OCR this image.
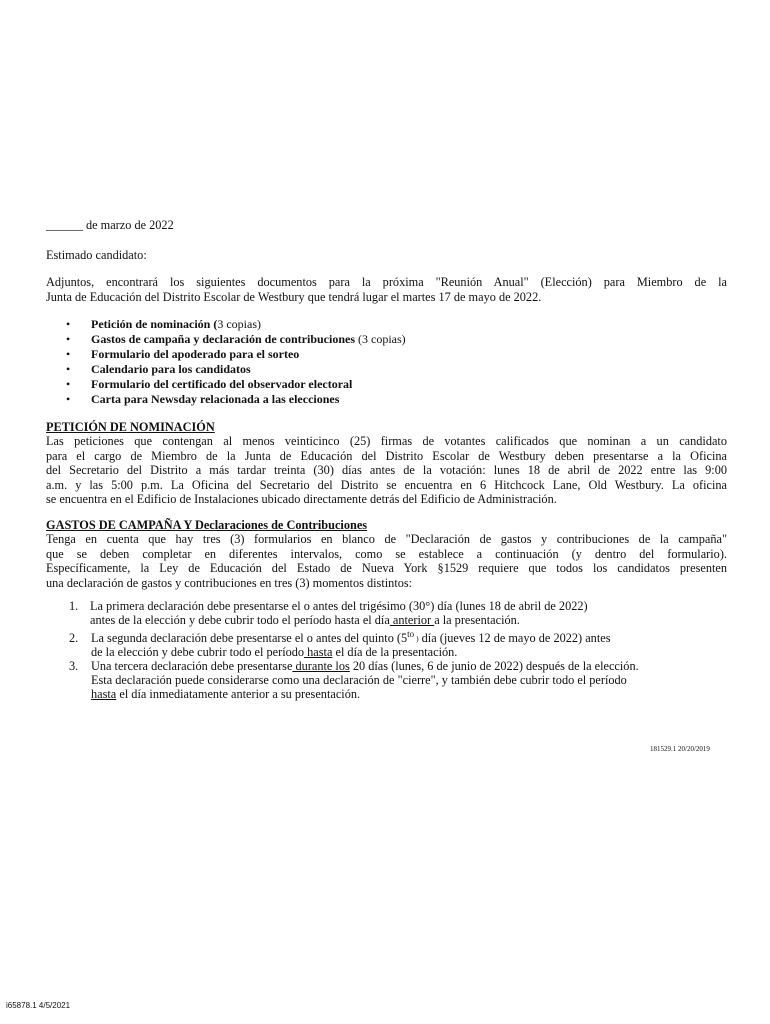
______ de marzo de 2022
Estimado candidato:
Adjuntos, encontrará los siguientes documentos para la próxima "Reunión Anual" (Elección) para Miembro de la
Junta de Educación del Distrito Escolar de Westbury que tendrá lugar el martes 17 de mayo de 2022.
• Petición de nominación (3 copias)
• Gastos de campaña y declaración de contribuciones (3 copias)
• Formulario del apoderado para el sorteo
• Calendario para los candidatos
• Formulario del certificado del observador electoral
• Carta para Newsday relacionada a las elecciones
PETICIÓN DE NOMINACIÓN
Las peticiones que contengan al menos veinticinco (25) firmas de votantes calificados que nominan a un candidato
para el cargo de Miembro de la Junta de Educación del Distrito Escolar de Westbury deben presentarse a la Oficina
del Secretario del Distrito a más tardar treinta (30) días antes de la votación: lunes 18 de abril de 2022 entre las 9:00
a.m. y las 5:00 p.m. La Oficina del Secretario del Distrito se encuentra en 6 Hitchcock Lane, Old Westbury. La oficina
se encuentra en el Edificio de Instalaciones ubicado directamente detrás del Edificio de Administración.
GASTOS DE CAMPAÑA Y Declaraciones de Contribuciones
Tenga en cuenta que hay tres (3) formularios en blanco de "Declaración de gastos y contribuciones de la campaña"
que se deben completar en diferentes intervalos, como se establece a continuación (y dentro del formulario).
Específicamente, la Ley de Educación del Estado de Nueva York §1529 requiere que todos los candidatos presenten
una declaración de gastos y contribuciones en tres (3) momentos distintos:
1. La primera declaración debe presentarse el o antes del trigésimo (30°) día (lunes 18 de abril de 2022)
antes de la elección y debe cubrir todo el período hasta el día anterior a la presentación.
2. La segunda declaración debe presentarse el o antes del quinto ($5^{to}$ ) día (jueves 12 de mayo de 2022) antes
de la elección y debe cubrir todo el período hasta el día de la presentación.
3. Una tercera declaración debe presentarse durante los 20 días (lunes, 6 de junio de 2022) después de la elección.
Esta declaración puede considerarse como una declaración de "cierre", y también debe cubrir todo el período
hasta el día inmediatamente anterior a su presentación.
181529.1 20/20/2019
i65878.1 4/5/2021
